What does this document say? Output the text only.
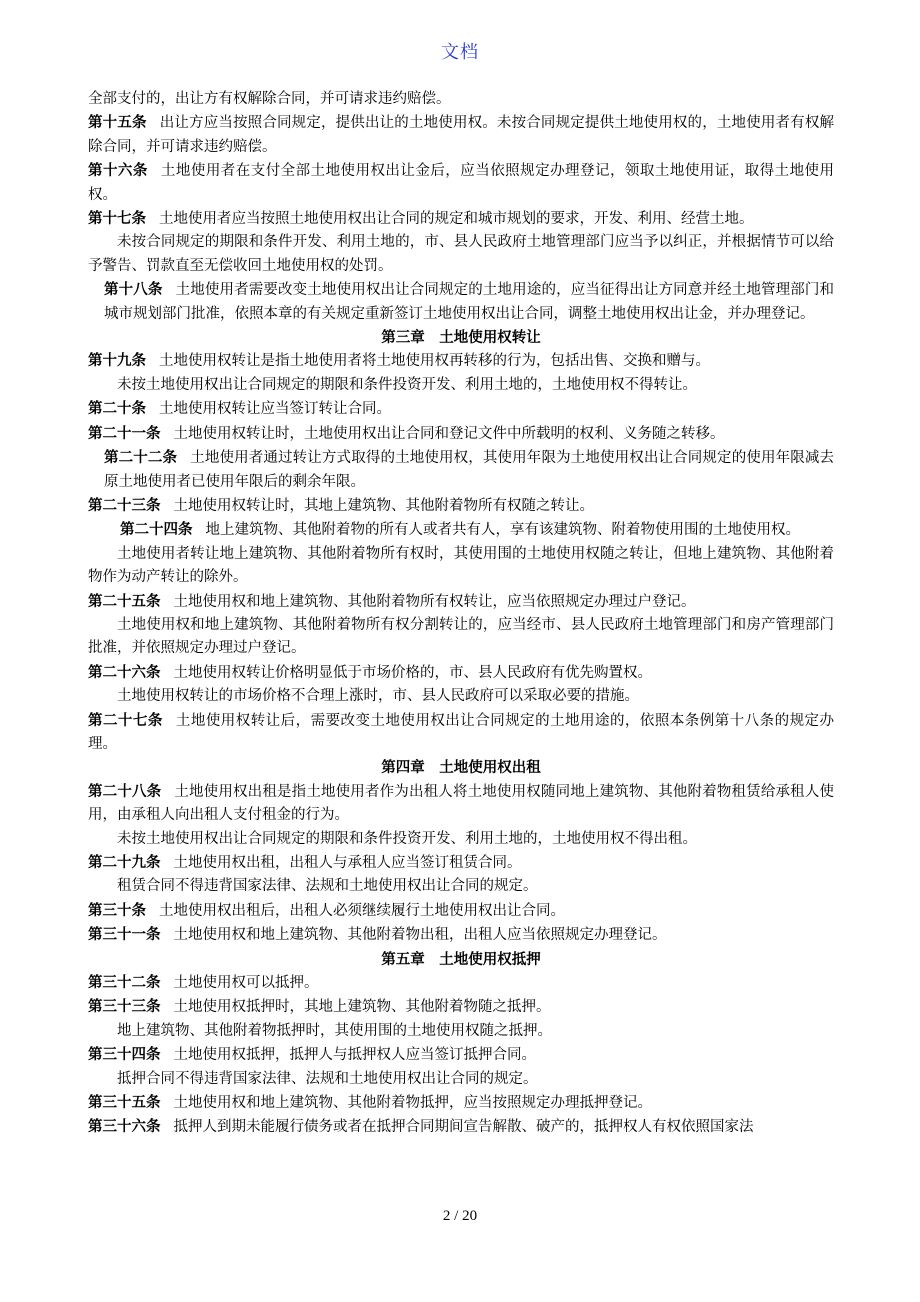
文档

全部支付的，出让方有权解除合同，并可请求违约赔偿。

第十五条 出让方应当按照合同规定，提供出让的土地使用权。未按合同规定提供土地使用权的，土地使用者有权解除合同，并可请求违约赔偿。

第十六条 土地使用者在支付全部土地使用权出让金后，应当依照规定办理登记，领取土地使用证，取得土地使用权。

第十七条 土地使用者应当按照土地使用权出让合同的规定和城市规划的要求，开发、利用、经营土地。

未按合同规定的期限和条件开发、利用土地的，市、县人民政府土地管理部门应当予以纠正，并根据情节可以给予警告、罚款直至无偿收回土地使用权的处罚。

第十八条 土地使用者需要改变土地使用权出让合同规定的土地用途的，应当征得出让方同意并经土地管理部门和城市规划部门批准，依照本章的有关规定重新签订土地使用权出让合同，调整土地使用权出让金，并办理登记。

第三章 土地使用权转让

第十九条 土地使用权转让是指土地使用者将土地使用权再转移的行为，包括出售、交换和赠与。

未按土地使用权出让合同规定的期限和条件投资开发、利用土地的，土地使用权不得转让。

第二十条 土地使用权转让应当签订转让合同。

第二十一条 土地使用权转让时，土地使用权出让合同和登记文件中所载明的权利、义务随之转移。

第二十二条 土地使用者通过转让方式取得的土地使用权，其使用年限为土地使用权出让合同规定的使用年限减去原土地使用者已使用年限后的剩余年限。

第二十三条 土地使用权转让时，其地上建筑物、其他附着物所有权随之转让。

第二十四条 地上建筑物、其他附着物的所有人或者共有人，享有该建筑物、附着物使用围的土地使用权。

土地使用者转让地上建筑物、其他附着物所有权时，其使用围的土地使用权随之转让，但地上建筑物、其他附着物作为动产转让的除外。

第二十五条 土地使用权和地上建筑物、其他附着物所有权转让，应当依照规定办理过户登记。

土地使用权和地上建筑物、其他附着物所有权分割转让的，应当经市、县人民政府土地管理部门和房产管理部门批准，并依照规定办理过户登记。

第二十六条 土地使用权转让价格明显低于市场价格的，市、县人民政府有优先购置权。

土地使用权转让的市场价格不合理上涨时，市、县人民政府可以采取必要的措施。

第二十七条 土地使用权转让后，需要改变土地使用权出让合同规定的土地用途的，依照本条例第十八条的规定办理。

第四章 土地使用权出租

第二十八条 土地使用权出租是指土地使用者作为出租人将土地使用权随同地上建筑物、其他附着物租赁给承租人使用，由承租人向出租人支付租金的行为。

未按土地使用权出让合同规定的期限和条件投资开发、利用土地的，土地使用权不得出租。

第二十九条 土地使用权出租，出租人与承租人应当签订租赁合同。

租赁合同不得违背国家法律、法规和土地使用权出让合同的规定。

第三十条 土地使用权出租后，出租人必须继续履行土地使用权出让合同。

第三十一条 土地使用权和地上建筑物、其他附着物出租，出租人应当依照规定办理登记。

第五章 土地使用权抵押

第三十二条 土地使用权可以抵押。

第三十三条 土地使用权抵押时，其地上建筑物、其他附着物随之抵押。

地上建筑物、其他附着物抵押时，其使用围的土地使用权随之抵押。

第三十四条 土地使用权抵押，抵押人与抵押权人应当签订抵押合同。

抵押合同不得违背国家法律、法规和土地使用权出让合同的规定。

第三十五条 土地使用权和地上建筑物、其他附着物抵押，应当按照规定办理抵押登记。

第三十六条 抵押人到期未能履行债务或者在抵押合同期间宣告解散、破产的，抵押权人有权依照国家法

2 / 20
